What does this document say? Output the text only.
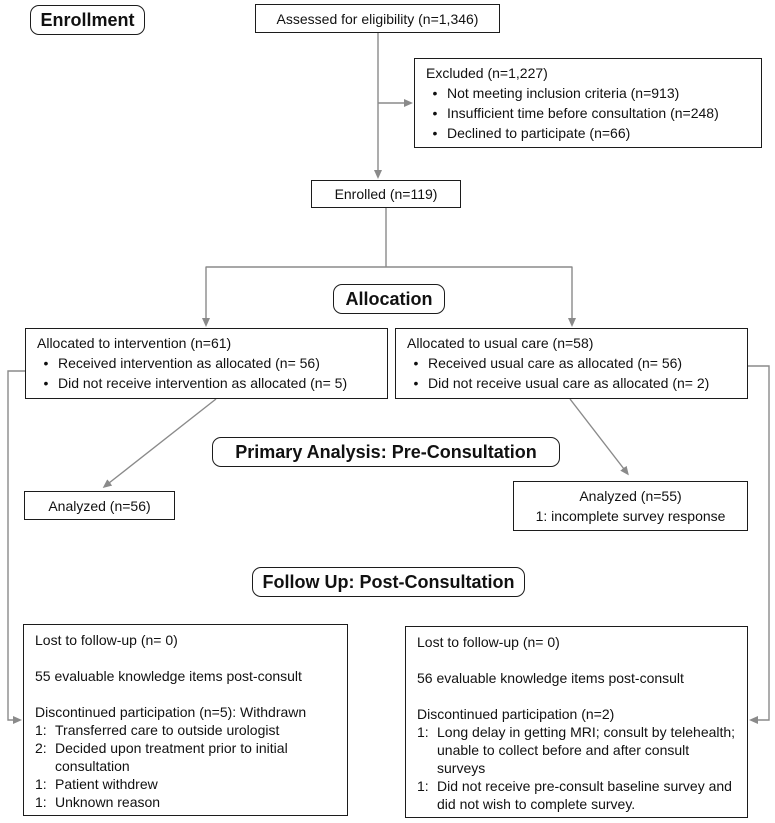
Enrollment
Allocation
Primary Analysis: Pre-Consultation
Follow Up: Post-Consultation
Assessed for eligibility (n=1,346)
Excluded (n=1,227)
• Not meeting inclusion criteria (n=913)
• Insufficient time before consultation (n=248)
• Declined to participate (n=66)
Enrolled (n=119)
Allocated to intervention (n=61)
• Received intervention as allocated (n= 56)
• Did not receive intervention as allocated (n= 5)
Allocated to usual care (n=58)
• Received usual care as allocated (n= 56)
• Did not receive usual care as allocated (n= 2)
Analyzed (n=56)
Analyzed (n=55)
1: incomplete survey response
Lost to follow-up (n= 0)
55 evaluable knowledge items post-consult
Discontinued participation (n=5): Withdrawn
1: Transferred care to outside urologist
2: Decided upon treatment prior to initial consultation
1: Patient withdrew
1: Unknown reason
Lost to follow-up (n= 0)
56 evaluable knowledge items post-consult
Discontinued participation (n=2)
1: Long delay in getting MRI; consult by telehealth; unable to collect before and after consult surveys
1: Did not receive pre-consult baseline survey and did not wish to complete survey.
